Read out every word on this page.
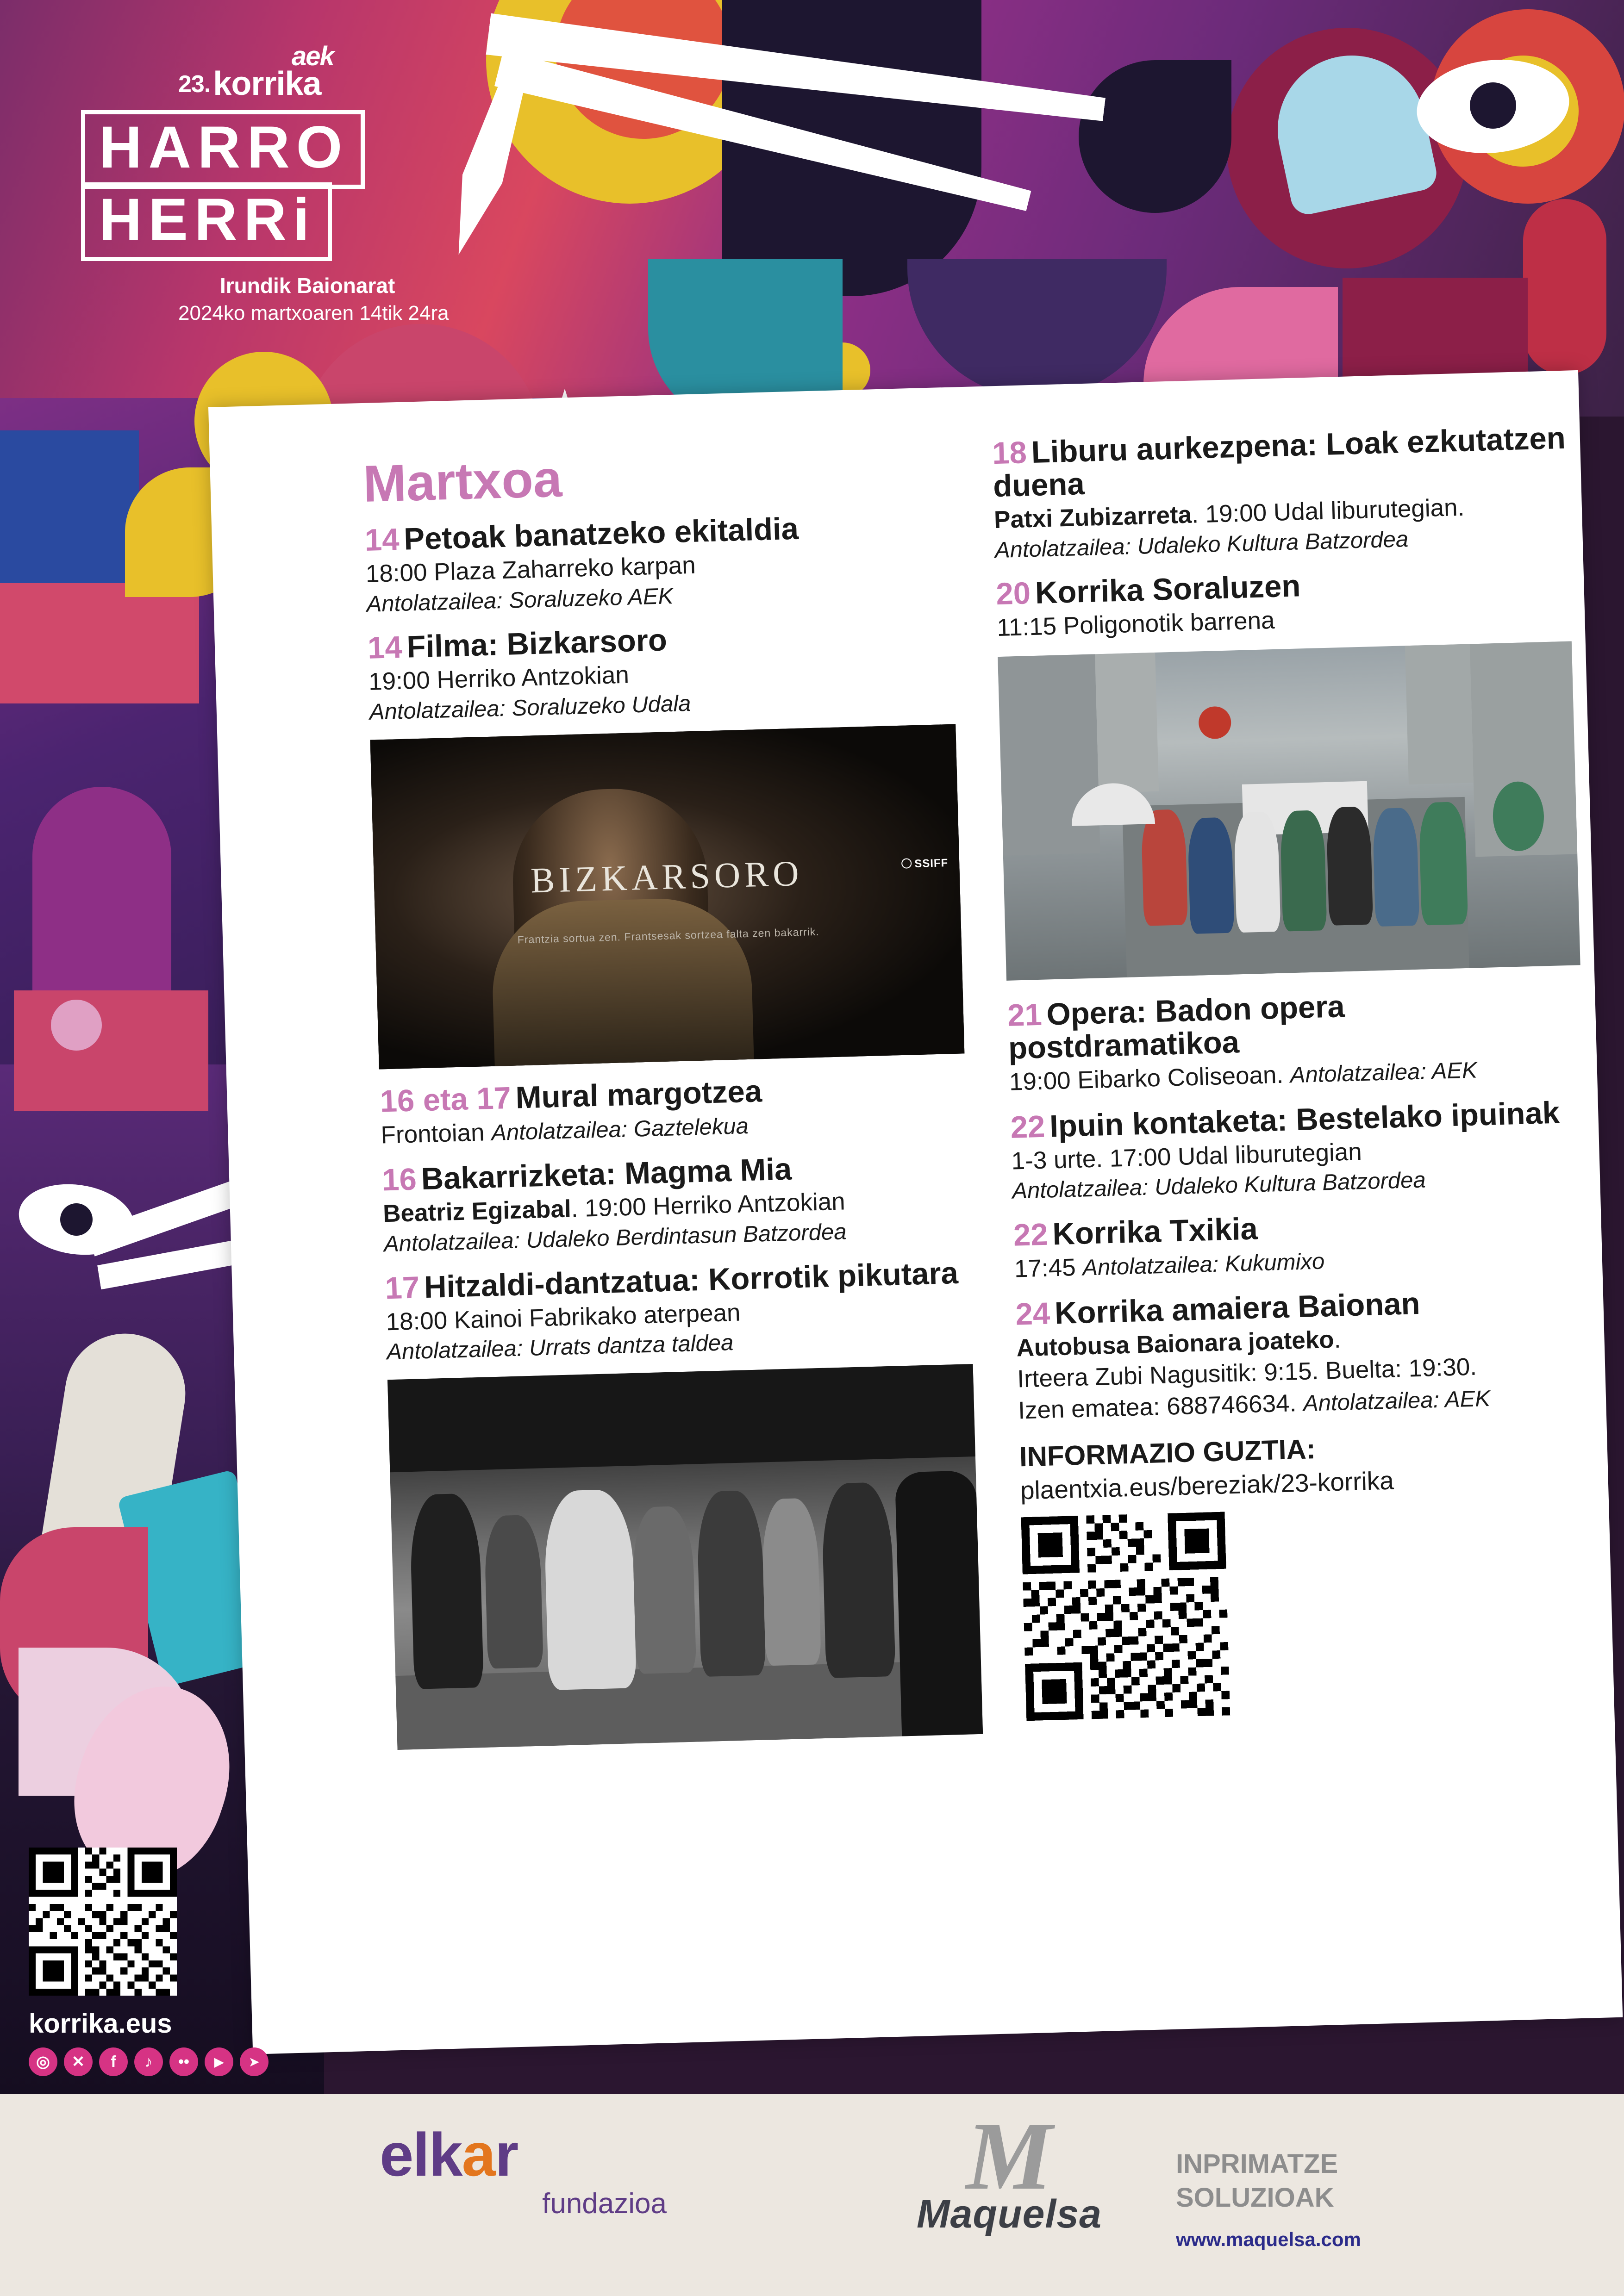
aek
23.korrika
HARRO
HERRi
Irundik Baionarat
2024ko martxoaren 14tik 24ra
Martxoa

14 Petoak banatzeko ekitaldia

18:00 Plaza Zaharreko karpan

Antolatzailea: Soraluzeko AEK

14 Filma: Bizkarsoro

19:00 Herriko Antzokian

Antolatzailea: Soraluzeko Udala

BIZKARSORO
Frantzia sortua zen. Frantsesak sortzea falta zen bakarrik.
SSIFF

16 eta 17 Mural margotzea

Frontoian Antolatzailea: Gaztelekua

16 Bakarrizketa: Magma Mia

Beatriz Egizabal. 19:00 Herriko Antzokian

Antolatzailea: Udaleko Berdintasun Batzordea

17 Hitzaldi-dantzatua: Korrotik pikutara

18:00 Kainoi Fabrikako aterpean

Antolatzailea: Urrats dantza taldea

18 Liburu aurkezpena: Loak ezkutatzen duena

Patxi Zubizarreta. 19:00 Udal liburutegian.

Antolatzailea: Udaleko Kultura Batzordea

20 Korrika Soraluzen

11:15 Poligonotik barrena

21 Opera: Badon opera postdramatikoa

19:00 Eibarko Coliseoan. Antolatzailea: AEK

22 Ipuin kontaketa: Bestelako ipuinak

1-3 urte. 17:00 Udal liburutegian

Antolatzailea: Udaleko Kultura Batzordea

22 Korrika Txikia

17:45 Antolatzailea: Kukumixo

24 Korrika amaiera Baionan

Autobusa Baionara joateko.

Irteera Zubi Nagusitik: 9:15. Buelta: 19:30.

Izen ematea: 688746634. Antolatzailea: AEK

INFORMAZIO GUZTIA:

plaentxia.eus/bereziak/23-korrika

korrika.eus
◎ ✕ f ♪ •• ▶ ➤
elkar
fundazioa	M
Maquelsa
INPRIMATZE
SOLUZIOAK
www.maquelsa.com
